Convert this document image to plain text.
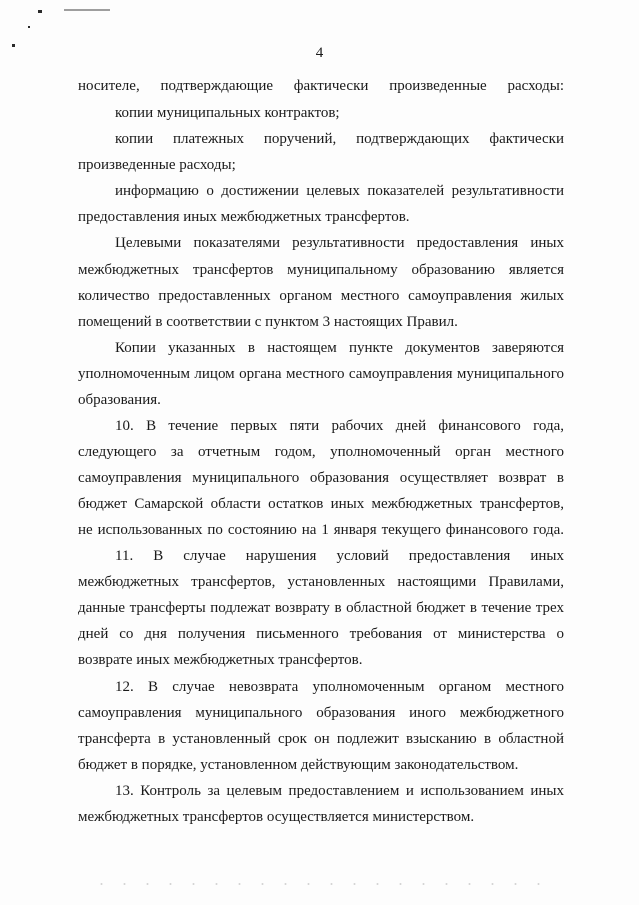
4
носителе, подтверждающие фактически произведенные расходы:
копии муниципальных контрактов;
копии платежных поручений, подтверждающих фактически
произведенные расходы;
информацию о достижении целевых показателей результативности
предоставления иных межбюджетных трансфертов.
Целевыми показателями результативности предоставления иных
межбюджетных трансфертов муниципальному образованию является
количество предоставленных органом местного самоуправления жилых
помещений в соответствии с пунктом 3 настоящих Правил.
Копии указанных в настоящем пункте документов заверяются
уполномоченным лицом органа местного самоуправления муниципального
образования.
10. В течение первых пяти рабочих дней финансового года,
следующего за отчетным годом, уполномоченный орган местного
самоуправления муниципального образования осуществляет возврат в
бюджет Самарской области остатков иных межбюджетных трансфертов,
не использованных по состоянию на 1 января текущего финансового года.
11. В случае нарушения условий предоставления иных
межбюджетных трансфертов, установленных настоящими Правилами,
данные трансферты подлежат возврату в областной бюджет в течение трех
дней со дня получения письменного требования от министерства о
возврате иных межбюджетных трансфертов.
12. В случае невозврата уполномоченным органом местного
самоуправления муниципального образования иного межбюджетного
трансферта в установленный срок он подлежит взысканию в областной
бюджет в порядке, установленном действующим законодательством.
13. Контроль за целевым предоставлением и использованием иных
межбюджетных трансфертов осуществляется министерством.
